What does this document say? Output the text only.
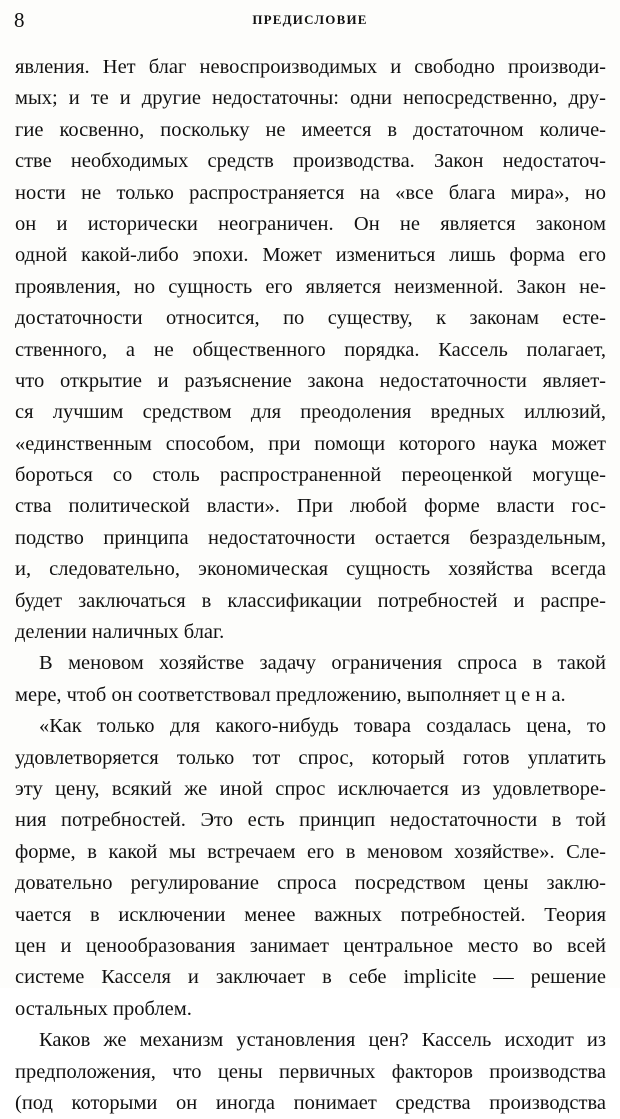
8	ПРЕДИСЛОВИЕ
явления. Нет благ невоспроизводимых и свободно производи-
мых; и те и другие недостаточны: одни непосредственно, дру-
гие косвенно, поскольку не имеется в достаточном количе-
стве необходимых средств производства. Закон недостаточ-
ности не только распространяется на «все блага мира», но
он и исторически неограничен. Он не является законом
одной какой-либо эпохи. Может измениться лишь форма его
проявления, но сущность его является неизменной. Закон не-
достаточности относится, по существу, к законам есте-
ственного, а не общественного порядка. Кассель полагает,
что открытие и разъяснение закона недостаточности являет-
ся лучшим средством для преодоления вредных иллюзий,
«единственным способом, при помощи которого наука может
бороться со столь распространенной переоценкой могуще-
ства политической власти». При любой форме власти гос-
подство принципа недостаточности остается безраздельным,
и, следовательно, экономическая сущность хозяйства всегда
будет заключаться в классификации потребностей и распре-
делении наличных благ.
В меновом хозяйстве задачу ограничения спроса в такой
мере, чтоб он соответствовал предложению, выполняет ц е н а.
«Как только для какого-нибудь товара создалась цена, то
удовлетворяется только тот спрос, который готов уплатить
эту цену, всякий же иной спрос исключается из удовлетворе-
ния потребностей. Это есть принцип недостаточности в той
форме, в какой мы встречаем его в меновом хозяйстве». Сле-
довательно регулирование спроса посредством цены заклю-
чается в исключении менее важных потребностей. Теория
цен и ценообразования занимает центральное место во всей
системе Касселя и заключает в себе implicite — решение
остальных проблем.
Каков же механизм установления цен? Кассель исходит из
предположения, что цены первичных факторов производства
(под которыми он иногда понимает средства производства
